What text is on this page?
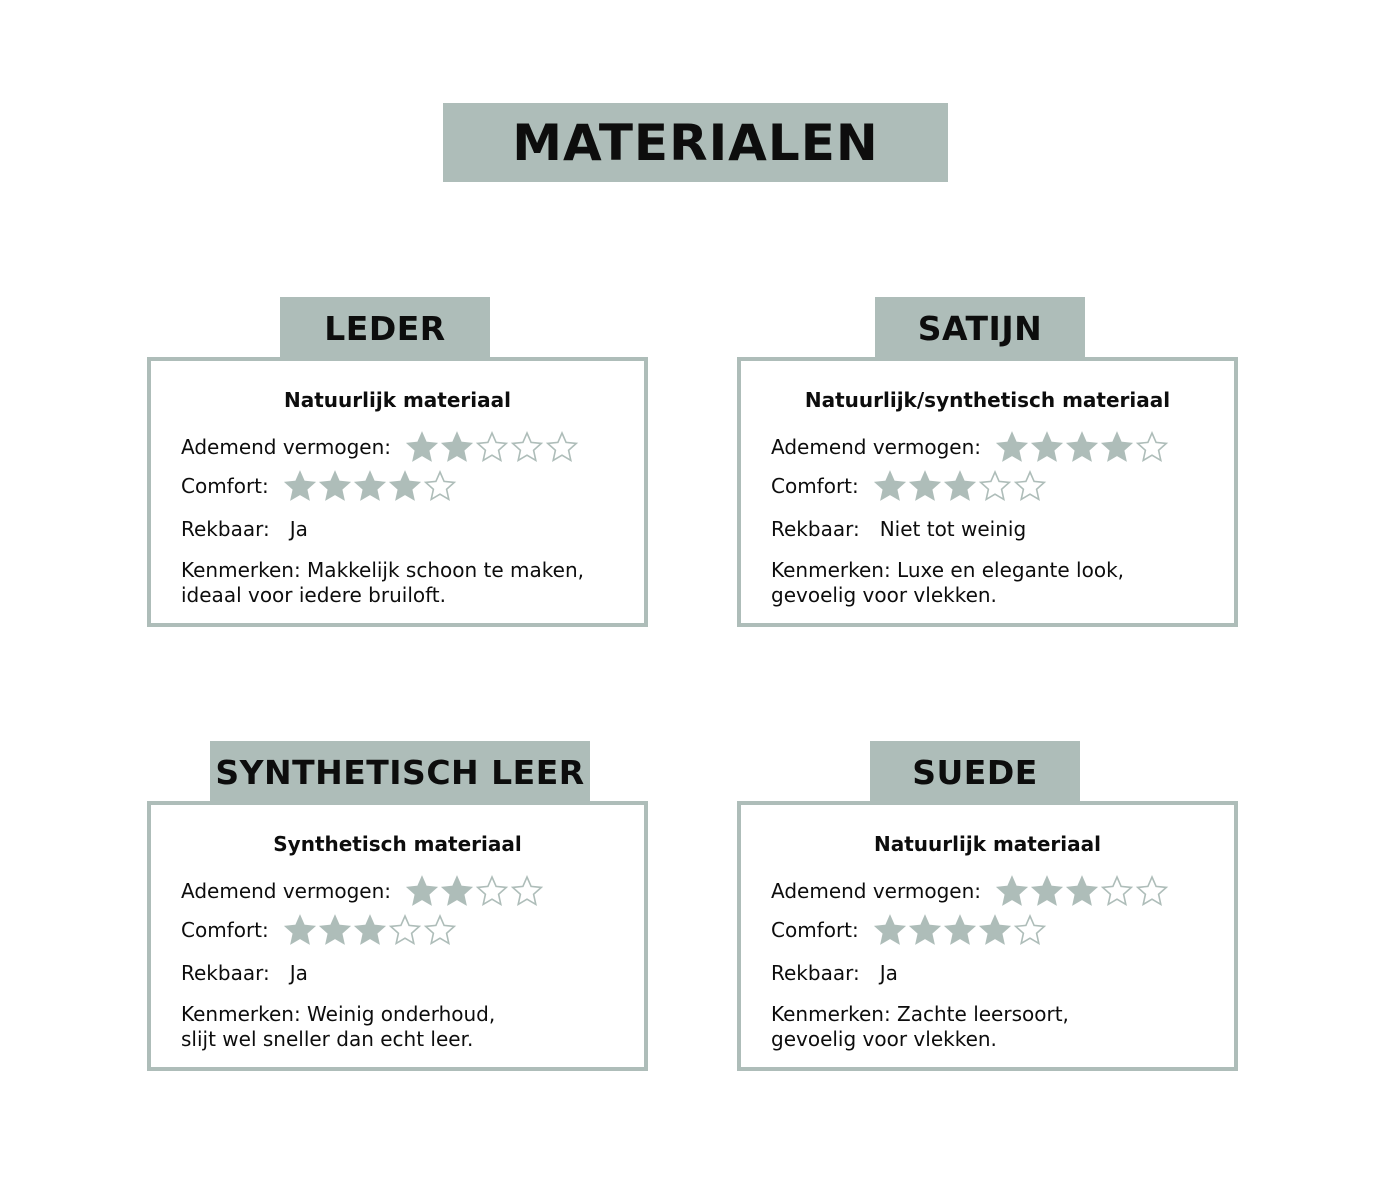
MATERIALEN
LEDER
Natuurlijk materiaal
Ademend vermogen:
Comfort:
Rekbaar: Ja
Kenmerken: Makkelijk schoon te maken,
ideaal voor iedere bruiloft.
SATIJN
Natuurlijk/synthetisch materiaal
Ademend vermogen:
Comfort:
Rekbaar: Niet tot weinig
Kenmerken: Luxe en elegante look,
gevoelig voor vlekken.
SYNTHETISCH LEER
Synthetisch materiaal
Ademend vermogen:
Comfort:
Rekbaar: Ja
Kenmerken: Weinig onderhoud,
slijt wel sneller dan echt leer.
SUEDE
Natuurlijk materiaal
Ademend vermogen:
Comfort:
Rekbaar: Ja
Kenmerken: Zachte leersoort,
gevoelig voor vlekken.
